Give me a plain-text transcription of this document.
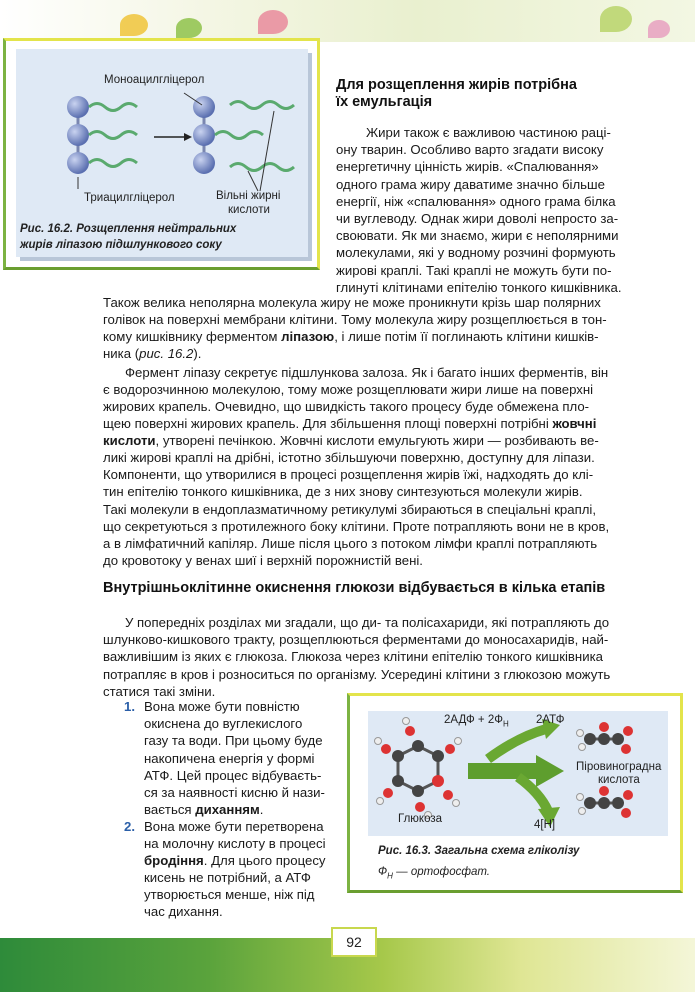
Моноацилгліцерол
Триацилгліцерол	Вільні жирні
кислоти
Рис. 16.2. Розщеплення нейтральних
жирів ліпазою підшлункового соку
Для розщеплення жирів потрібна
їх емульгація
Жири також є важливою частиною раці-
ону тварин. Особливо варто згадати високу
енергетичну цінність жирів. «Спалювання»
одного грама жиру даватиме значно більше
енергії, ніж «спалювання» одного грама білка
чи вуглеводу. Однак жири доволі непросто за-
своювати. Як ми знаємо, жири є неполярними
молекулами, які у водному розчині формують
жирові краплі. Такі краплі не можуть бути по-
глинуті клітинами епітелію тонкого кишківника.
Також велика неполярна молекула жиру не може проникнути крізь шар полярних
голівок на поверхні мембрани клітини. Тому молекула жиру розщеплюється в тон-
кому кишківнику ферментом ліпазою, і лише потім її поглинають клітини кишків-
ника (рис. 16.2).
Фермент ліпазу секретує підшлункова залоза. Як і багато інших ферментів, він
є водорозчинною молекулою, тому може розщеплювати жири лише на поверхні
жирових крапель. Очевидно, що швидкість такого процесу буде обмежена пло-
щею поверхні жирових крапель. Для збільшення площі поверхні потрібні жовчні
кислоти, утворені печінкою. Жовчні кислоти емульгують жири — розбивають ве-
ликі жирові краплі на дрібні, істотно збільшуючи поверхню, доступну для ліпази.
Компоненти, що утворилися в процесі розщеплення жирів їжі, надходять до клі-
тин епітелію тонкого кишківника, де з них знову синтезуються молекули жирів.
Такі молекули в ендоплазматичному ретикулумі збираються в спеціальні краплі,
що секретуються з протилежного боку клітини. Проте потрапляють вони не в кров,
а в лімфатичний капіляр. Лише після цього з потоком лімфи краплі потрапляють
до кровотоку у венах шиї і верхній порожнистій вені.
Внутрішньоклітинне окиснення глюкози відбувається в кілька етапів
У попередніх розділах ми згадали, що ди- та полісахариди, які потрапляють до
шлунково-кишкового тракту, розщеплюються ферментами до моносахаридів, най-
важливішим із яких є глюкоза. Глюкоза через клітини епітелію тонкого кишківника
потрапляє в кров і розноситься по організму. Усередині клітини з глюкозою можуть
статися такі зміни.
1. Вона може бути повністю
окиснена до вуглекислого
газу та води. При цьому буде
накопичена енергія у формі
АТФ. Цей процес відбуваєть-
ся за наявності кисню й нази-
вається диханням.
2. Вона може бути перетворена
на молочну кислоту в процесі
бродіння. Для цього процесу
кисень не потрібний, а АТФ
утворюється менше, ніж під
час дихання.
$2АДФ + 2Ф_Н$ 2АТФ
Глюкоза
Піровиноградна
кислота
4[Н]
Рис. 16.3. Загальна схема гліколізу
$Ф_Н$ — ортофосфат.
92
